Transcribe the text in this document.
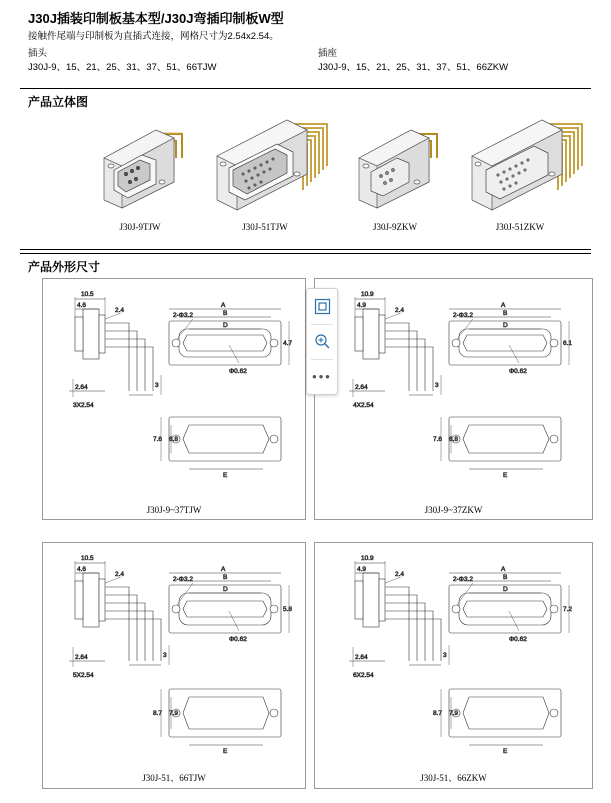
J30J插装印制板基本型/J30J弯插印制板W型
接触件尾端与印制板为直插式连接，网格尺寸为2.54x2.54。
插头
J30J-9、15、21、25、31、37、51、66TJW
插座
J30J-9、15、21、25、31、37、51、66ZKW
产品立体图
J30J-9TJW	J30J-51TJW	J30J-9ZKW	J30J-51ZKW
产品外形尺寸
10.5
4.6
2.4
2.64
3X2.54
3
A
B
D
2-Φ3.2
4.7
Φ0.62
7.6 6.8
E
J30J-9~37TJW
10.9
4.9
2.4
2.64
4X2.54
3
A
B
D
2-Φ3.2
6.1
Φ0.62
7.6 6.8
E
J30J-9~37ZKW
10.5
4.6
2.4
2.64
5X2.54
3
A
B
D
2-Φ3.2
5.8
Φ0.62
8.7 7.9
E
J30J-51、66TJW
10.9
4.9
2.4
2.64
6X2.54
3
A
B
D
2-Φ3.2
7.2
Φ0.62
8.7 7.9
E
J30J-51、66ZKW
•••
